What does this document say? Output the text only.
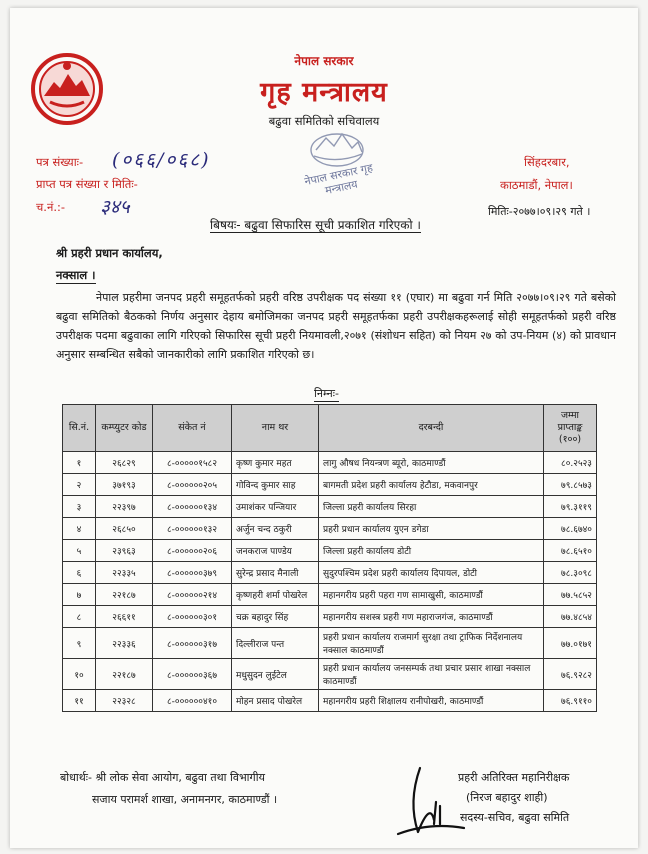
नेपाल सरकार
गृह मन्त्रालय
बढुवा समितिको सचिवालय
नेपाल सरकार गृह मन्त्रालय
पत्र संख्याः- (०६६/०६८)
प्राप्त पत्र संख्या र मितिः-
च.नं.:- ३४५
सिंहदरबार,
काठमाडौं, नेपाल।
मितिः-२०७७।०९।२९ गते ।
बिषयः- बढुवा सिफारिस सूची प्रकाशित गरिएको ।
श्री प्रहरी प्रधान कार्यालय,
नक्साल ।
नेपाल प्रहरीमा जनपद प्रहरी समूहतर्फको प्रहरी वरिष्ठ उपरीक्षक पद संख्या ११ (एघार) मा बढुवा गर्न मिति २०७७।०९।२९ गते बसेको बढुवा समितिको बैठकको निर्णय अनुसार देहाय बमोजिमका जनपद प्रहरी समूहतर्फका प्रहरी उपरीक्षकहरूलाई सोही समूहतर्फको प्रहरी वरिष्ठ उपरीक्षक पदमा बढुवाका लागि गरिएको सिफारिस सूची प्रहरी नियमावली,२०७१ (संशोधन सहित) को नियम २७ को उप-नियम (४) को प्रावधान अनुसार सम्बन्धित सबैको जानकारीको लागि प्रकाशित गरिएको छ।
निम्नः-
सि.नं.	कम्प्युटर कोड	संकेत नं	नाम थर	दरबन्दी	जम्मा प्राप्ताङ्क (१००)
१	२६८२९	८-०००००१५८२	कृष्ण कुमार महत	लागु औषध नियन्त्रण ब्यूरो, काठमाण्डौं	८०.२५२३
२	३७१९३	८-००००००२०५	गोविन्द कुमार साह	बागमती प्रदेश प्रहरी कार्यालय हेटौडा, मकवानपुर	७९.८५७३
३	२२३९७	८-००००००१३४	उमाशंकर पन्जियार	जिल्ला प्रहरी कार्यालय सिरहा	७९.३११९
४	२६८५०	८-००००००१३२	अर्जुन चन्द ठकुरी	प्रहरी प्रधान कार्यालय युएन डगेडा	७८.६७४०
५	२३९६३	८-००००००२०६	जनकराज पाण्डेय	जिल्ला प्रहरी कार्यालय डोटी	७८.६५१०
६	२२३३५	८-००००००३७९	सुरेन्द्र प्रसाद मैनाली	सुदुरपश्चिम प्रदेश प्रहरी कार्यालय दिपायल, डोटी	७८.३०९८
७	२२१८७	८-००००००२१४	कृष्णहरी शर्मा पोखरेल	महानगरीय प्रहरी पहरा गण सामाखुसी, काठमाण्डौं	७७.५८५२
८	२६६११	८-००००००३०१	चक्र बहादुर सिंह	महानगरीय सशस्त्र प्रहरी गण महाराजगंज, काठमाण्डौं	७७.४८५४
९	२२३३६	८-००००००३१७	दिल्लीराज पन्त	प्रहरी प्रधान कार्यालय राजमार्ग सुरक्षा तथा ट्राफिक निर्देशनालय नक्साल काठमाण्डौं	७७.०१७१
१०	२२१८७	८-००००००३६७	मधुसुदन लुईटेल	प्रहरी प्रधान कार्यालय जनसम्पर्क तथा प्रचार प्रसार शाखा नक्साल काठमाण्डौं	७६.९२८२
११	२२३२८	८-००००००४१०	मोहन प्रसाद पोखरेल	महानगरीय प्रहरी शिक्षालय रानीपोखरी, काठमाण्डौं	७६.९११०
बोधार्थः- श्री लोक सेवा आयोग, बढुवा तथा विभागीय
सजाय परामर्श शाखा, अनामनगर, काठमाण्डौं ।
प्रहरी अतिरिक्त महानिरीक्षक
(निरज बहादुर शाही)
सदस्य-सचिव, बढुवा समिति
